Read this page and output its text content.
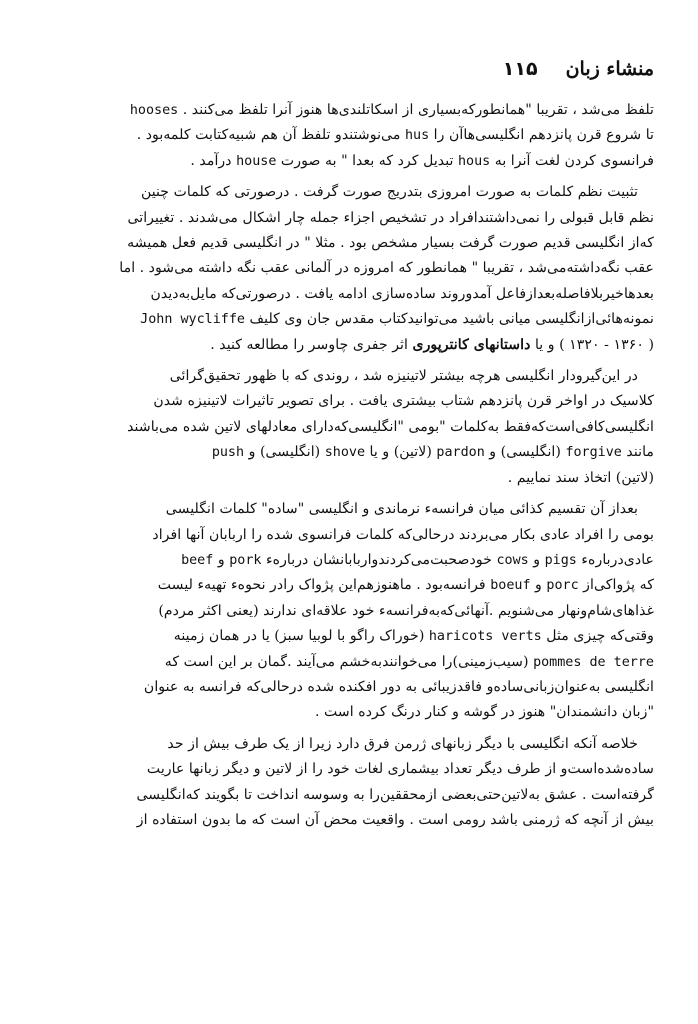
منشاء زبان
۱۱۵
تلفظ می‌شد ، تقریبا "همانطورکه‌بسیاری از اسکاتلندی‌ها هنوز آنرا تلفظ می‌کنند . hooses
تا شروع قرن پانزدهم انگلیسی‌هاآن را hus می‌نوشتندو تلفظ آن هم شبیه‌کتابت کلمه‌بود .
فرانسوی کردن لغت آنرا به hous تبدیل کرد که بعدا " به صورت house درآمد .
تثبیت نظم کلمات به صورت امروزی بتدریج صورت گرفت . درصورتی که کلمات چنین
نظم قابل قبولی را نمی‌داشتندافراد در تشخیص اجزاء جمله چار اشکال می‌شدند . تغییراتی
که‌از انگلیسی قدیم صورت گرفت بسیار مشخص بود . مثلا " در انگلیسی قدیم فعل همیشه
عقب نگه‌داشته‌می‌شد ، تقریبا " همانطور که امروزه در آلمانی عقب نگه داشته می‌شود . اما
بعدهاخیربلافاصله‌بعدازفاعل آمدوروند ساده‌سازی ادامه یافت . درصورتی‌که مایل‌به‌دیدن
نمونه‌هائی‌ازانگلیسی میانی باشید می‌توانیدکتاب مقدس جان وی کلیف John wycliffe
( ۱۳۶۰ - ۱۳۲۰ ) و یا داستانهای کانترپوری اثر جفری چاوسر را مطالعه کنید .
در این‌گیرودار انگلیسی هرچه بیشتر لاتینیزه شد ، روندی که با ظهور تحقیق‌گرائی
کلاسیک در اواخر قرن پانزدهم شتاب بیشتری یافت . برای تصویر تاثیرات لاتینیزه شدن
انگلیسی‌کافی‌است‌که‌فقط به‌کلمات "بومی "انگلیسی‌که‌دارای معادلهای لاتین شده می‌باشند
مانند forgive (انگلیسی) و pardon (لاتین) و یا shove (انگلیسی) و push
(لاتین) اتخاذ سند نماییم .
بعداز آن تقسیم کذائی میان فرانسه‌ء نرماندی و انگلیسی "ساده" کلمات انگلیسی
بومی را افراد عادی بکار می‌بردند درحالی‌که کلمات فرانسوی شده را اربابان آنها افراد
عادی‌درباره‌ء pigs و cows خودصحبت‌می‌کردندواربابانشان درباره‌ء pork و beef
که پژواکی‌از porc و boeuf فرانسه‌بود . ماهنوزهم‌این پژواک رادر نحوه‌ء تهیه‌ء لیست
غذاهای‌شام‌ونهار می‌شنویم .آنهائی‌که‌به‌فرانسه‌ء خود علاقه‌ای ندارند (یعنی اکثر مردم)
وقتی‌که چیزی مثل haricots verts (خوراک راگو با لوبیا سبز) یا در همان زمینه
pommes de terre (سیب‌زمینی)را می‌خوانندبه‌خشم می‌آیند .گمان بر این است که
انگلیسی به‌عنوان‌زبانی‌ساده‌و فاقدزیبائی به دور افکنده شده درحالی‌که فرانسه به عنوان
"زبان دانشمندان" هنوز در گوشه و کنار درنگ کرده است .
خلاصه آنکه انگلیسی با دیگر زبانهای ژرمن فرق دارد زیرا از یک طرف بیش از حد
ساده‌شده‌است‌و از طرف دیگر تعداد بیشماری لغات خود را از لاتین و دیگر زبانها عاریت
گرفته‌است . عشق به‌لاتین‌حتی‌بعضی ازمحققین‌را به وسوسه انداخت تا بگویند که‌انگلیسی
بیش از آنچه که ژرمنی باشد رومی است . واقعیت محض آن است که ما بدون استفاده از
